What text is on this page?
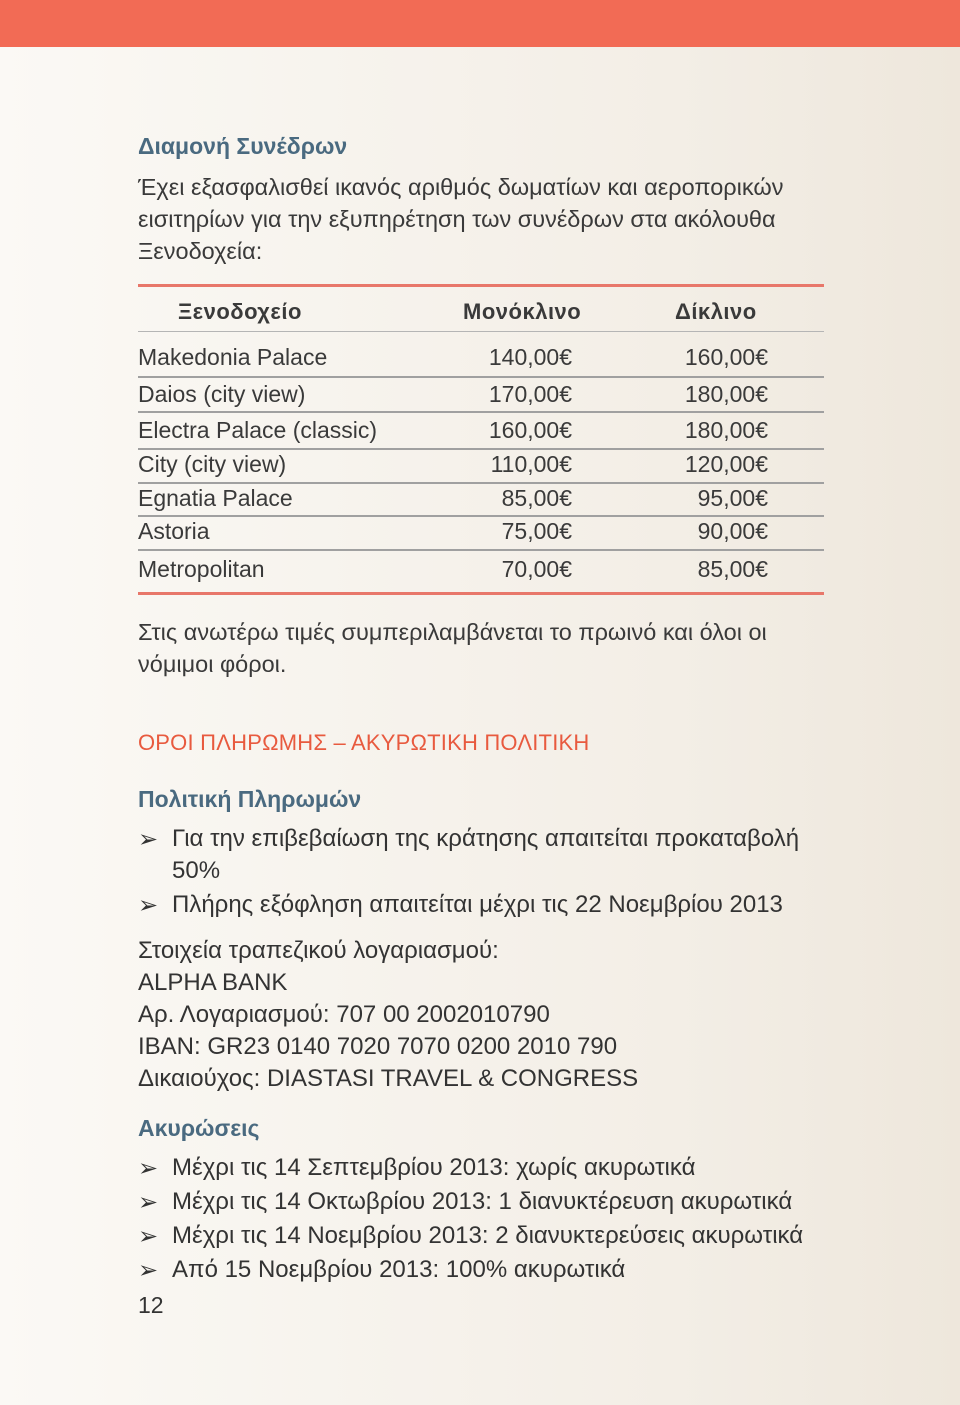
Διαμονή Συνέδρων
Έχει εξασφαλισθεί ικανός αριθμός δωματίων και αεροπορικών
εισιτηρίων για την εξυπηρέτηση των συνέδρων στα ακόλουθα
Ξενοδοχεία:
Ξενοδοχείο	Μονόκλινο	Δίκλινο
Makedonia Palace	140,00€	160,00€
Daios (city view)	170,00€	180,00€
Electra Palace (classic)	160,00€	180,00€
City (city view)	110,00€	120,00€
Egnatia Palace	85,00€	95,00€
Astoria	75,00€	90,00€
Metropolitan	70,00€	85,00€
Στις ανωτέρω τιμές συμπεριλαμβάνεται το πρωινό και όλοι οι
νόμιμοι φόροι.
ΟΡΟΙ ΠΛΗΡΩΜΗΣ – ΑΚΥΡΩΤΙΚΗ ΠΟΛΙΤΙΚΗ
Πολιτική Πληρωμών
➢ Για την επιβεβαίωση της κράτησης απαιτείται προκαταβολή
50%
➢ Πλήρης εξόφληση απαιτείται μέχρι τις 22 Νοεμβρίου 2013
Στοιχεία τραπεζικού λογαριασμού:
ALPHA BANK
Αρ. Λογαριασμού: 707 00 2002010790
IBAN: GR23 0140 7020 7070 0200 2010 790
Δικαιούχος: DIASTASI TRAVEL & CONGRESS
Ακυρώσεις
➢ Μέχρι τις 14 Σεπτεμβρίου 2013: χωρίς ακυρωτικά
➢ Μέχρι τις 14 Οκτωβρίου 2013: 1 διανυκτέρευση ακυρωτικά
➢ Μέχρι τις 14 Νοεμβρίου 2013: 2 διανυκτερεύσεις ακυρωτικά
➢ Από 15 Νοεμβρίου 2013: 100% ακυρωτικά
12
